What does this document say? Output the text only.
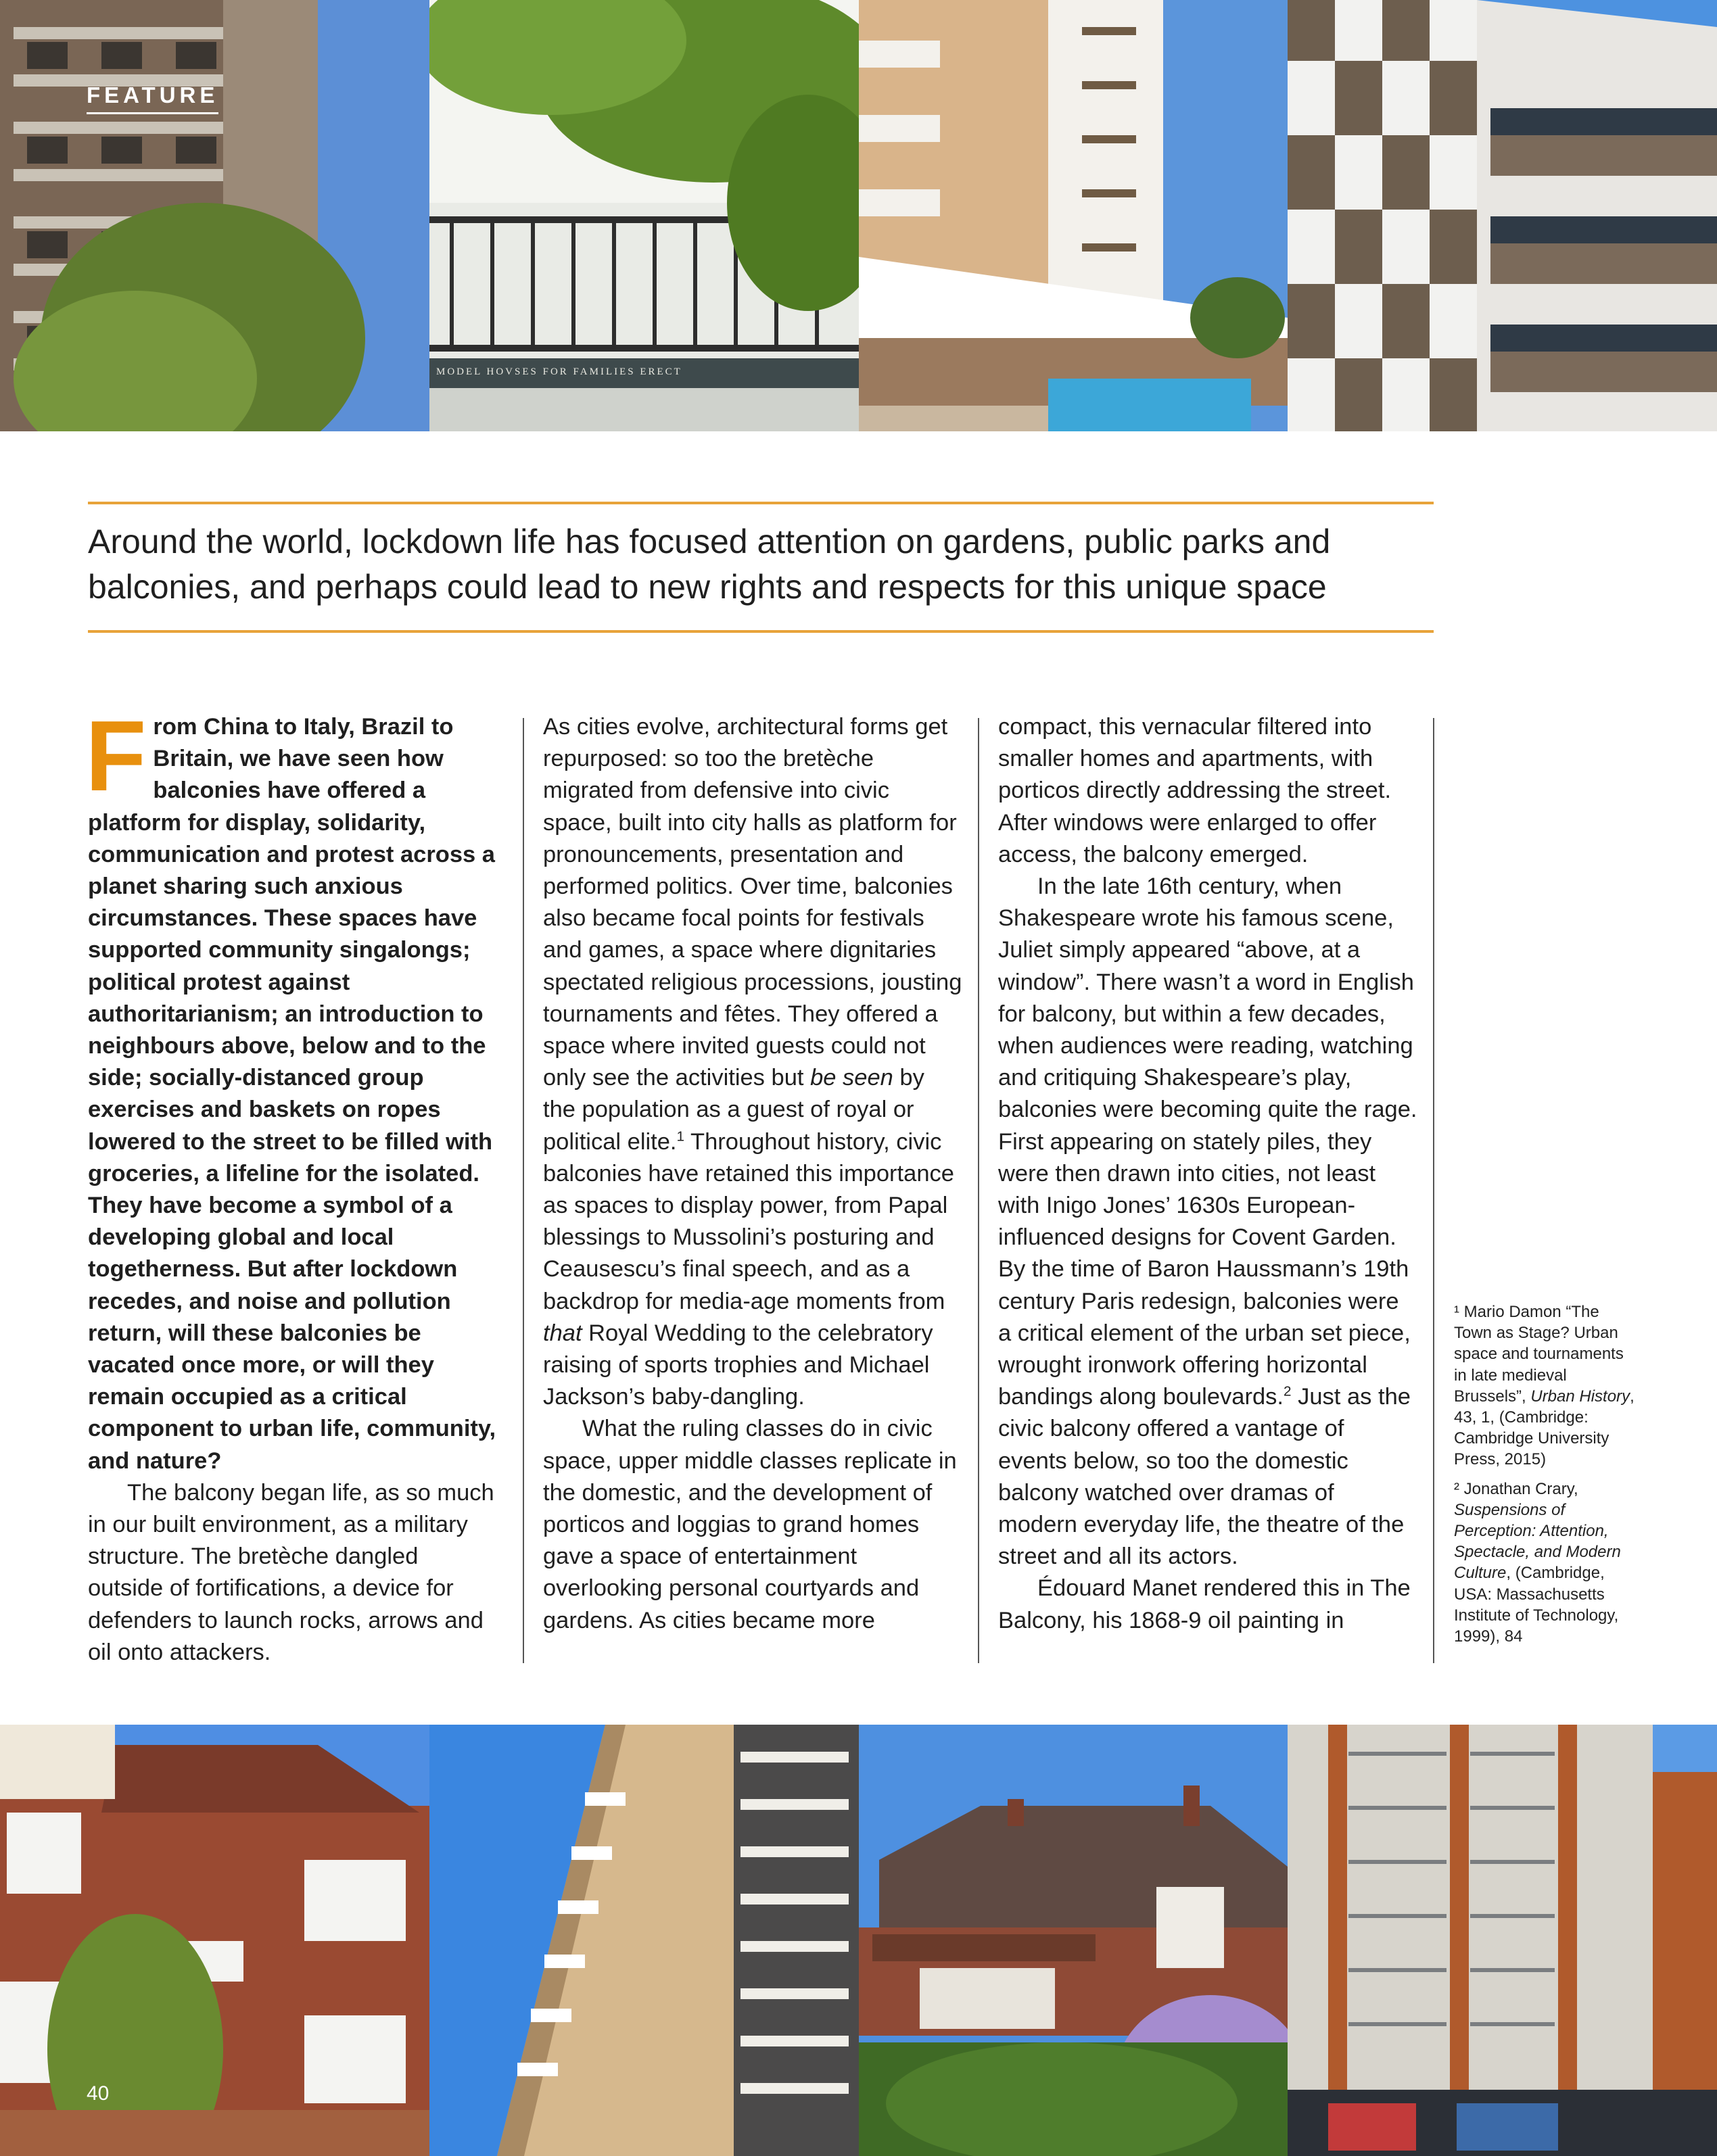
MODEL HOVSES FOR FAMILIES ERECT
FEATURE
Around the world, lockdown life has focused attention on gardens, public parks and balconies, and perhaps could lead to new rights and respects for this unique space

From China to Italy, Brazil to Britain, we have seen how balconies have offered a platform for display, solidarity, communication and protest across a planet sharing such anxious circumstances. These spaces have supported community singalongs; political protest against authoritarianism; an introduction to neighbours above, below and to the side; socially-distanced group exercises and baskets on ropes lowered to the street to be filled with groceries, a lifeline for the isolated. They have become a symbol of a developing global and local togetherness. But after lockdown recedes, and noise and pollution return, will these balconies be vacated once more, or will they remain occupied as a critical component to urban life, community, and nature?

The balcony began life, as so much in our built environment, as a military structure. The bretèche dangled outside of fortifications, a device for defenders to launch rocks, arrows and oil onto attackers.

As cities evolve, architectural forms get repurposed: so too the bretèche migrated from defensive into civic space, built into city halls as platform for pronouncements, presentation and performed politics. Over time, balconies also became focal points for festivals and games, a space where dignitaries spectated religious processions, jousting tournaments and fêtes. They offered a space where invited guests could not only see the activities but be seen by the population as a guest of royal or political elite.$^1$ Throughout history, civic balconies have retained this importance as spaces to display power, from Papal blessings to Mussolini’s posturing and Ceausescu’s final speech, and as a backdrop for media-age moments from that Royal Wedding to the celebratory raising of sports trophies and Michael Jackson’s baby-dangling.

What the ruling classes do in civic space, upper middle classes replicate in the domestic, and the development of porticos and loggias to grand homes gave a space of entertainment overlooking personal courtyards and gardens. As cities became more

compact, this vernacular filtered into smaller homes and apartments, with porticos directly addressing the street. After windows were enlarged to offer access, the balcony emerged.

In the late 16th century, when Shakespeare wrote his famous scene, Juliet simply appeared “above, at a window”. There wasn’t a word in English for balcony, but within a few decades, when audiences were reading, watching and critiquing Shakespeare’s play, balconies were becoming quite the rage. First appearing on stately piles, they were then drawn into cities, not least with Inigo Jones’ 1630s European-influenced designs for Covent Garden. By the time of Baron Haussmann’s 19th century Paris redesign, balconies were a critical element of the urban set piece, wrought ironwork offering horizontal bandings along boulevards.$^2$ Just as the civic balcony offered a vantage of events below, so too the domestic balcony watched over dramas of modern everyday life, the theatre of the street and all its actors.

Édouard Manet rendered this in The Balcony, his 1868-9 oil painting in

¹ Mario Damon “The Town as Stage? Urban space and tournaments in late medieval Brussels”, Urban History, 43, 1, (Cambridge: Cambridge University Press, 2015)

² Jonathan Crary, Suspensions of Perception: Attention, Spectacle, and Modern Culture, (Cambridge, USA: Massachusetts Institute of Technology, 1999), 84

40
